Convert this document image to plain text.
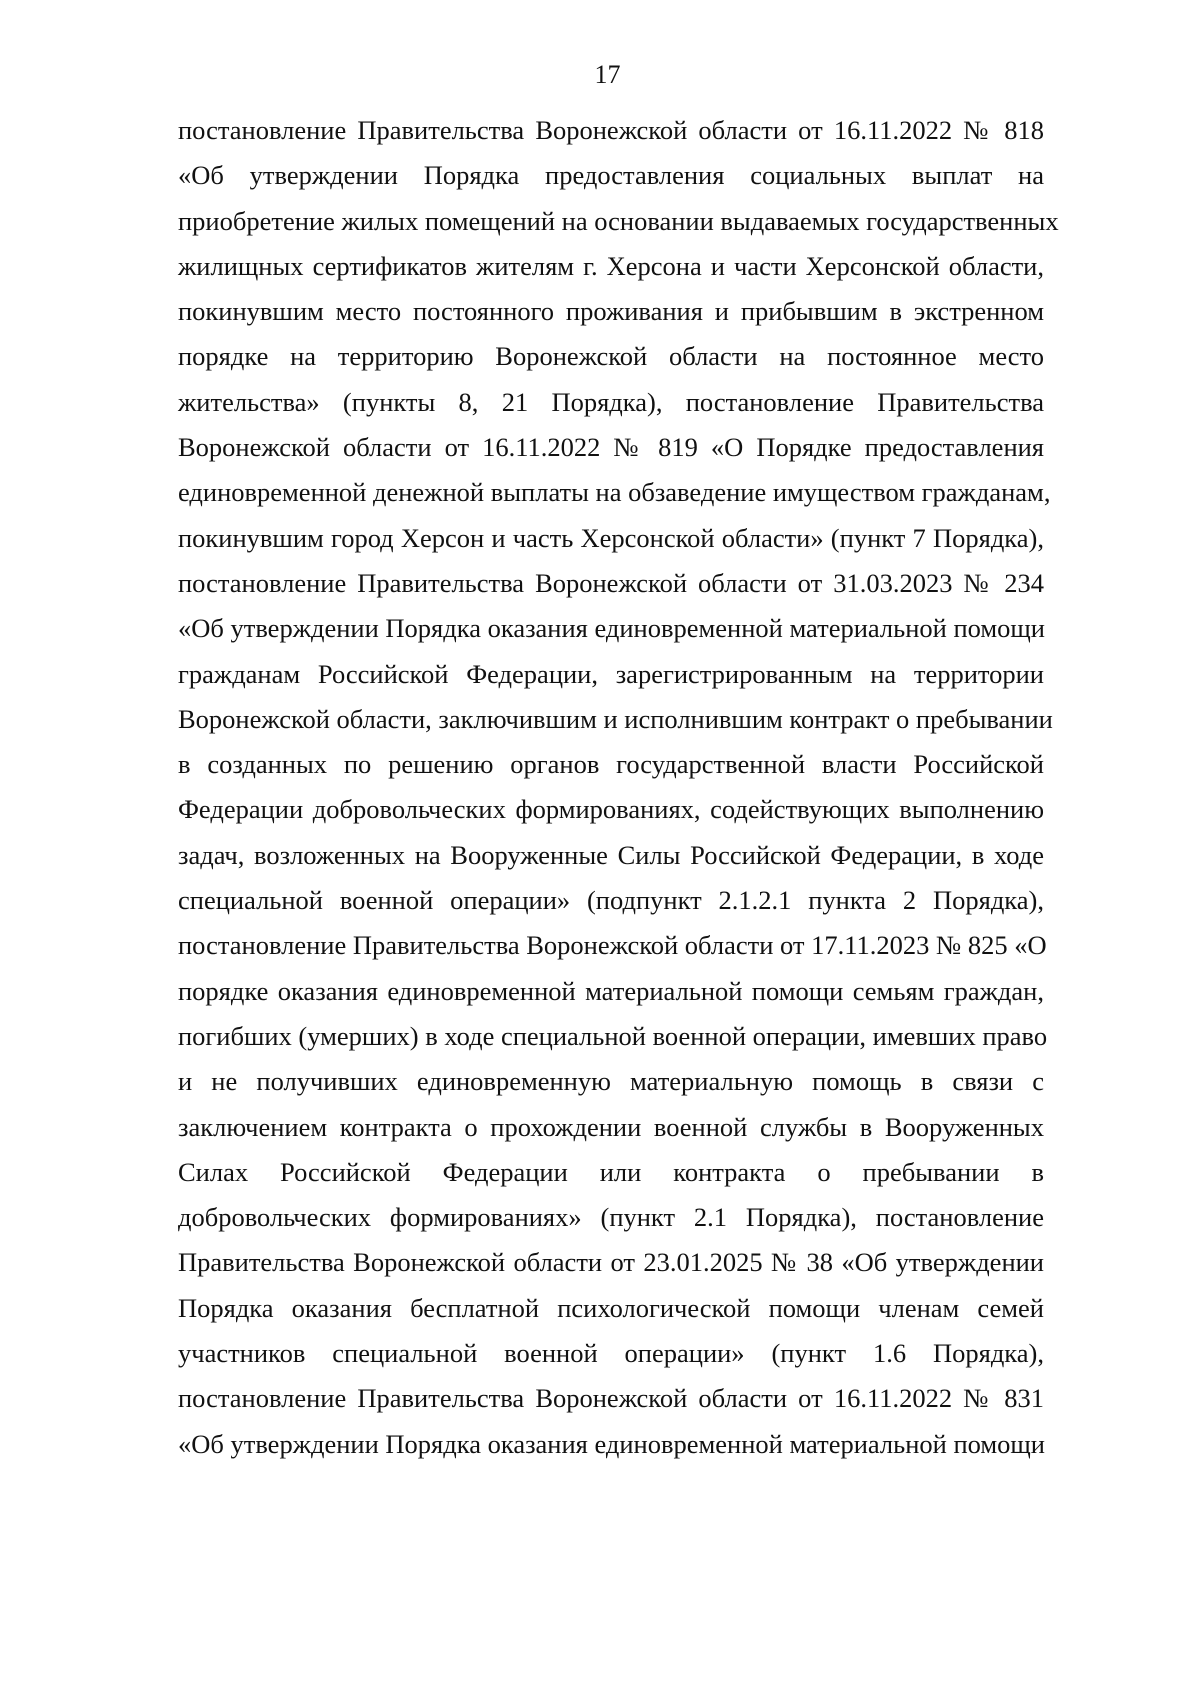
17
постановление Правительства Воронежской области от 16.11.2022 № 818
«Об утверждении Порядка предоставления социальных выплат на
приобретение жилых помещений на основании выдаваемых государственных
жилищных сертификатов жителям г. Херсона и части Херсонской области,
покинувшим место постоянного проживания и прибывшим в экстренном
порядке на территорию Воронежской области на постоянное место
жительства» (пункты 8, 21 Порядка), постановление Правительства
Воронежской области от 16.11.2022 № 819 «О Порядке предоставления
единовременной денежной выплаты на обзаведение имуществом гражданам,
покинувшим город Херсон и часть Херсонской области» (пункт 7 Порядка),
постановление Правительства Воронежской области от 31.03.2023 № 234
«Об утверждении Порядка оказания единовременной материальной помощи
гражданам Российской Федерации, зарегистрированным на территории
Воронежской области, заключившим и исполнившим контракт о пребывании
в созданных по решению органов государственной власти Российской
Федерации добровольческих формированиях, содействующих выполнению
задач, возложенных на Вооруженные Силы Российской Федерации, в ходе
специальной военной операции» (подпункт 2.1.2.1 пункта 2 Порядка),
постановление Правительства Воронежской области от 17.11.2023 № 825 «О
порядке оказания единовременной материальной помощи семьям граждан,
погибших (умерших) в ходе специальной военной операции, имевших право
и не получивших единовременную материальную помощь в связи с
заключением контракта о прохождении военной службы в Вооруженных
Силах Российской Федерации или контракта о пребывании в
добровольческих формированиях» (пункт 2.1 Порядка), постановление
Правительства Воронежской области от 23.01.2025 № 38 «Об утверждении
Порядка оказания бесплатной психологической помощи членам семей
участников специальной военной операции» (пункт 1.6 Порядка),
постановление Правительства Воронежской области от 16.11.2022 № 831
«Об утверждении Порядка оказания единовременной материальной помощи
